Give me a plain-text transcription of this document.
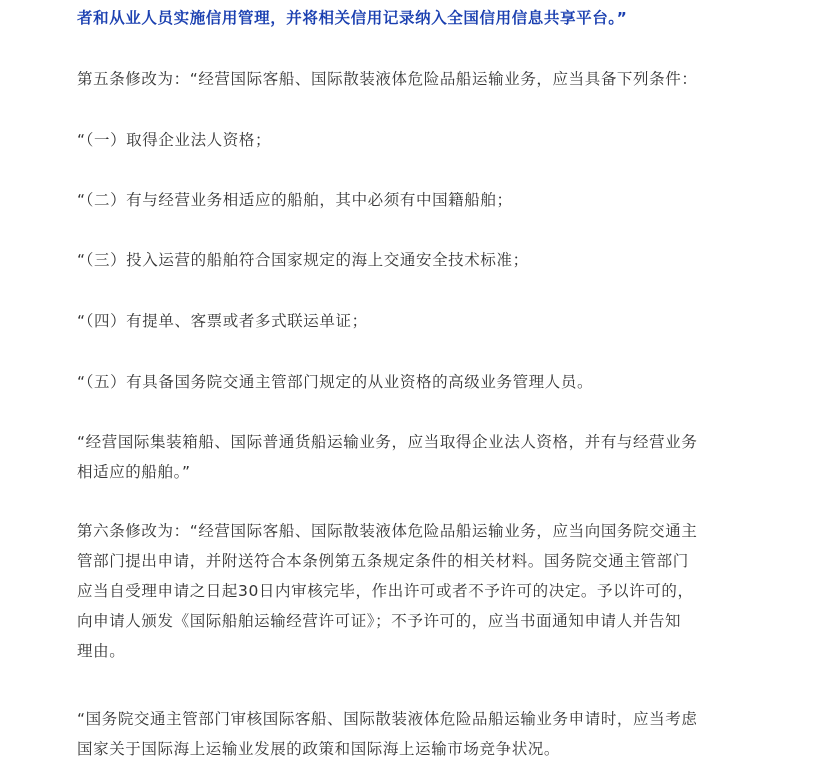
者和从业人员实施信用管理，并将相关信用记录纳入全国信用信息共享平台。”
第五条修改为：“经营国际客船、国际散装液体危险品船运输业务，应当具备下列条件：
“（一）取得企业法人资格；
“（二）有与经营业务相适应的船舶，其中必须有中国籍船舶；
“（三）投入运营的船舶符合国家规定的海上交通安全技术标准；
“（四）有提单、客票或者多式联运单证；
“（五）有具备国务院交通主管部门规定的从业资格的高级业务管理人员。
“经营国际集装箱船、国际普通货船运输业务，应当取得企业法人资格，并有与经营业务
相适应的船舶。”
第六条修改为：“经营国际客船、国际散装液体危险品船运输业务，应当向国务院交通主
管部门提出申请，并附送符合本条例第五条规定条件的相关材料。国务院交通主管部门
应当自受理申请之日起30日内审核完毕，作出许可或者不予许可的决定。予以许可的，
向申请人颁发《国际船舶运输经营许可证》；不予许可的，应当书面通知申请人并告知
理由。
“国务院交通主管部门审核国际客船、国际散装液体危险品船运输业务申请时，应当考虑
国家关于国际海上运输业发展的政策和国际海上运输市场竞争状况。
